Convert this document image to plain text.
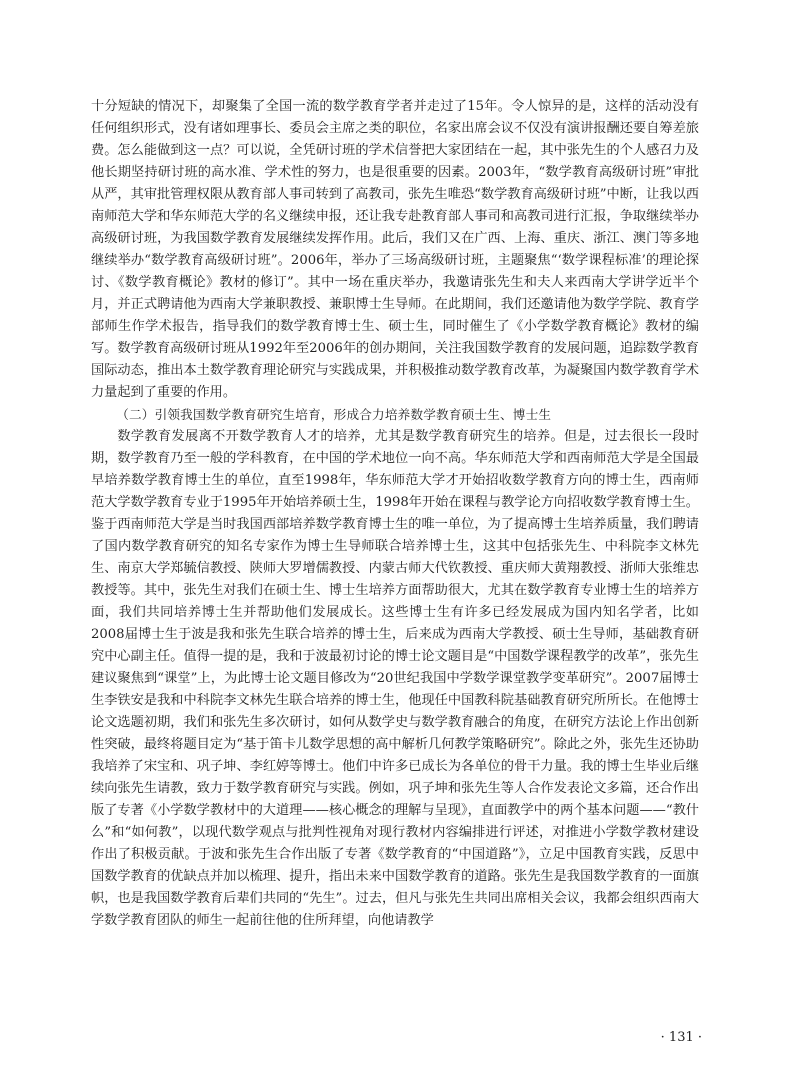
十分短缺的情况下，却聚集了全国一流的数学教育学者并走过了15年。令人惊异的是，这样的活动没有任何组织形式，没有诸如理事长、委员会主席之类的职位，名家出席会议不仅没有演讲报酬还要自筹差旅费。怎么能做到这一点？可以说，全凭研讨班的学术信誉把大家团结在一起，其中张先生的个人感召力及他长期坚持研讨班的高水准、学术性的努力，也是很重要的因素。2003年，“数学教育高级研讨班”审批从严，其审批管理权限从教育部人事司转到了高教司，张先生唯恐“数学教育高级研讨班”中断，让我以西南师范大学和华东师范大学的名义继续申报，还让我专赴教育部人事司和高教司进行汇报，争取继续举办高级研讨班，为我国数学教育发展继续发挥作用。此后，我们又在广西、上海、重庆、浙江、澳门等多地继续举办“数学教育高级研讨班”。2006年，举办了三场高级研讨班，主题聚焦“‘数学课程标准’的理论探讨、《数学教育概论》教材的修订”。其中一场在重庆举办，我邀请张先生和夫人来西南大学讲学近半个月，并正式聘请他为西南大学兼职教授、兼职博士生导师。在此期间，我们还邀请他为数学学院、教育学部师生作学术报告，指导我们的数学教育博士生、硕士生，同时催生了《小学数学教育概论》教材的编写。数学教育高级研讨班从1992年至2006年的创办期间，关注我国数学教育的发展问题，追踪数学教育国际动态，推出本土数学教育理论研究与实践成果，并积极推动数学教育改革，为凝聚国内数学教育学术力量起到了重要的作用。

（二）引领我国数学教育研究生培育，形成合力培养数学教育硕士生、博士生

数学教育发展离不开数学教育人才的培养，尤其是数学教育研究生的培养。但是，过去很长一段时期，数学教育乃至一般的学科教育，在中国的学术地位一向不高。华东师范大学和西南师范大学是全国最早培养数学教育博士生的单位，直至1998年，华东师范大学才开始招收数学教育方向的博士生，西南师范大学数学教育专业于1995年开始培养硕士生，1998年开始在课程与教学论方向招收数学教育博士生。鉴于西南师范大学是当时我国西部培养数学教育博士生的唯一单位，为了提高博士生培养质量，我们聘请了国内数学教育研究的知名专家作为博士生导师联合培养博士生，这其中包括张先生、中科院李文林先生、南京大学郑毓信教授、陕师大罗增儒教授、内蒙古师大代钦教授、重庆师大黄翔教授、浙师大张维忠教授等。其中，张先生对我们在硕士生、博士生培养方面帮助很大，尤其在数学教育专业博士生的培养方面，我们共同培养博士生并帮助他们发展成长。这些博士生有许多已经发展成为国内知名学者，比如2008届博士生于波是我和张先生联合培养的博士生，后来成为西南大学教授、硕士生导师，基础教育研究中心副主任。值得一提的是，我和于波最初讨论的博士论文题目是“中国数学课程教学的改革”，张先生建议聚焦到“课堂”上，为此博士论文题目修改为“20世纪我国中学数学课堂教学变革研究”。2007届博士生李铁安是我和中科院李文林先生联合培养的博士生，他现任中国教科院基础教育研究所所长。在他博士论文选题初期，我们和张先生多次研讨，如何从数学史与数学教育融合的角度，在研究方法论上作出创新性突破，最终将题目定为“基于笛卡儿数学思想的高中解析几何教学策略研究”。除此之外，张先生还协助我培养了宋宝和、巩子坤、李红婷等博士。他们中许多已成长为各单位的骨干力量。我的博士生毕业后继续向张先生请教，致力于数学教育研究与实践。例如，巩子坤和张先生等人合作发表论文多篇，还合作出版了专著《小学数学教材中的大道理——核心概念的理解与呈现》，直面教学中的两个基本问题——“教什么”和“如何教”，以现代数学观点与批判性视角对现行教材内容编排进行评述，对推进小学数学教材建设作出了积极贡献。于波和张先生合作出版了专著《数学教育的“中国道路”》，立足中国教育实践，反思中国数学教育的优缺点并加以梳理、提升，指出未来中国数学教育的道路。张先生是我国数学教育的一面旗帜，也是我国数学教育后辈们共同的“先生”。过去，但凡与张先生共同出席相关会议，我都会组织西南大学数学教育团队的师生一起前往他的住所拜望，向他请教学

· 131 ·
